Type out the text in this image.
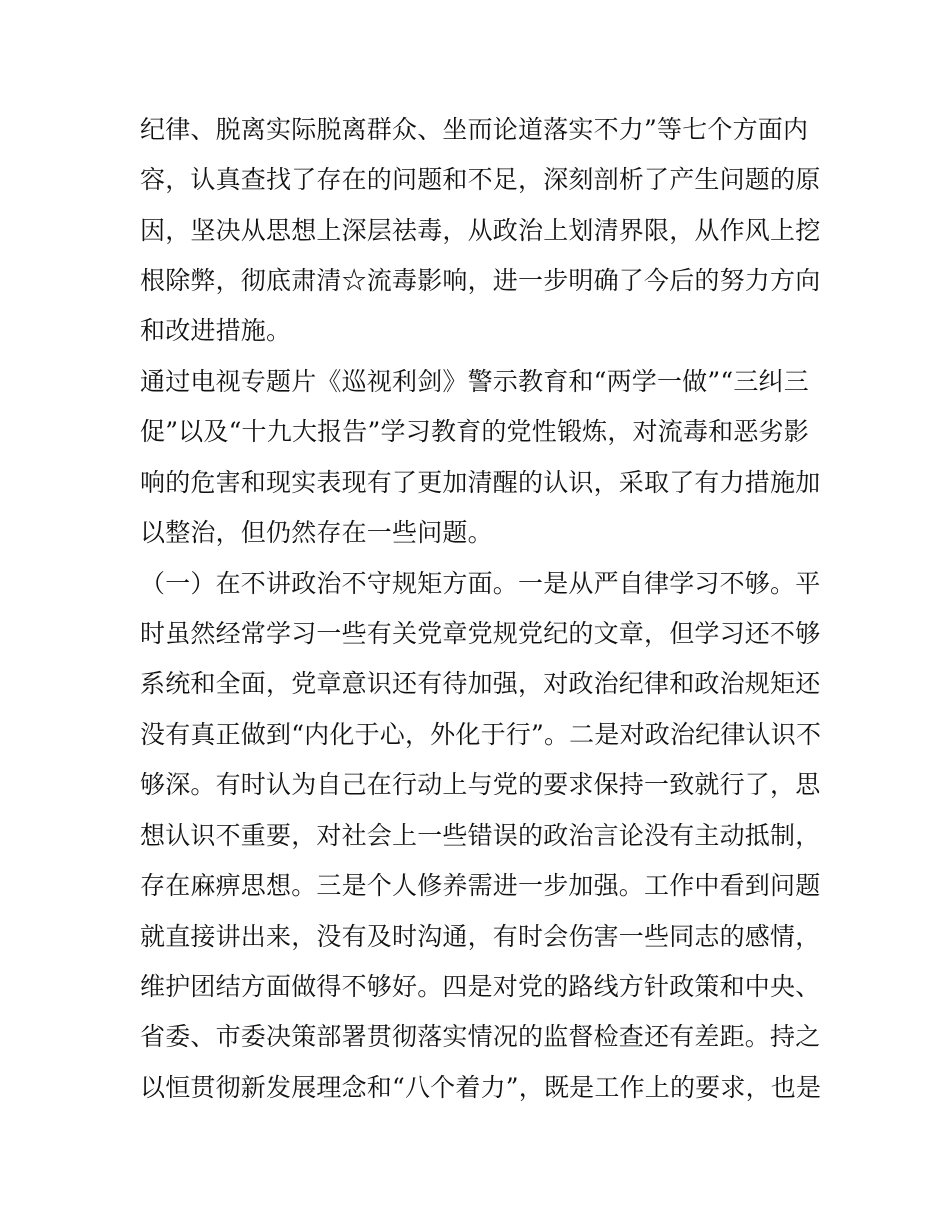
纪律、脱离实际脱离群众、坐而论道落实不力”等七个方面内
容，认真查找了存在的问题和不足，深刻剖析了产生问题的原
因，坚决从思想上深层祛毒，从政治上划清界限，从作风上挖
根除弊，彻底肃清☆流毒影响，进一步明确了今后的努力方向
和改进措施。
通过电视专题片《巡视利剑》警示教育和“两学一做”“三纠三
促”以及“十九大报告”学习教育的党性锻炼，对流毒和恶劣影
响的危害和现实表现有了更加清醒的认识，采取了有力措施加
以整治，但仍然存在一些问题。
（一）在不讲政治不守规矩方面。一是从严自律学习不够。平
时虽然经常学习一些有关党章党规党纪的文章，但学习还不够
系统和全面，党章意识还有待加强，对政治纪律和政治规矩还
没有真正做到“内化于心，外化于行”。二是对政治纪律认识不
够深。有时认为自己在行动上与党的要求保持一致就行了，思
想认识不重要，对社会上一些错误的政治言论没有主动抵制，
存在麻痹思想。三是个人修养需进一步加强。工作中看到问题
就直接讲出来，没有及时沟通，有时会伤害一些同志的感情，
维护团结方面做得不够好。四是对党的路线方针政策和中央、
省委、市委决策部署贯彻落实情况的监督检查还有差距。持之
以恒贯彻新发展理念和“八个着力”，既是工作上的要求，也是
